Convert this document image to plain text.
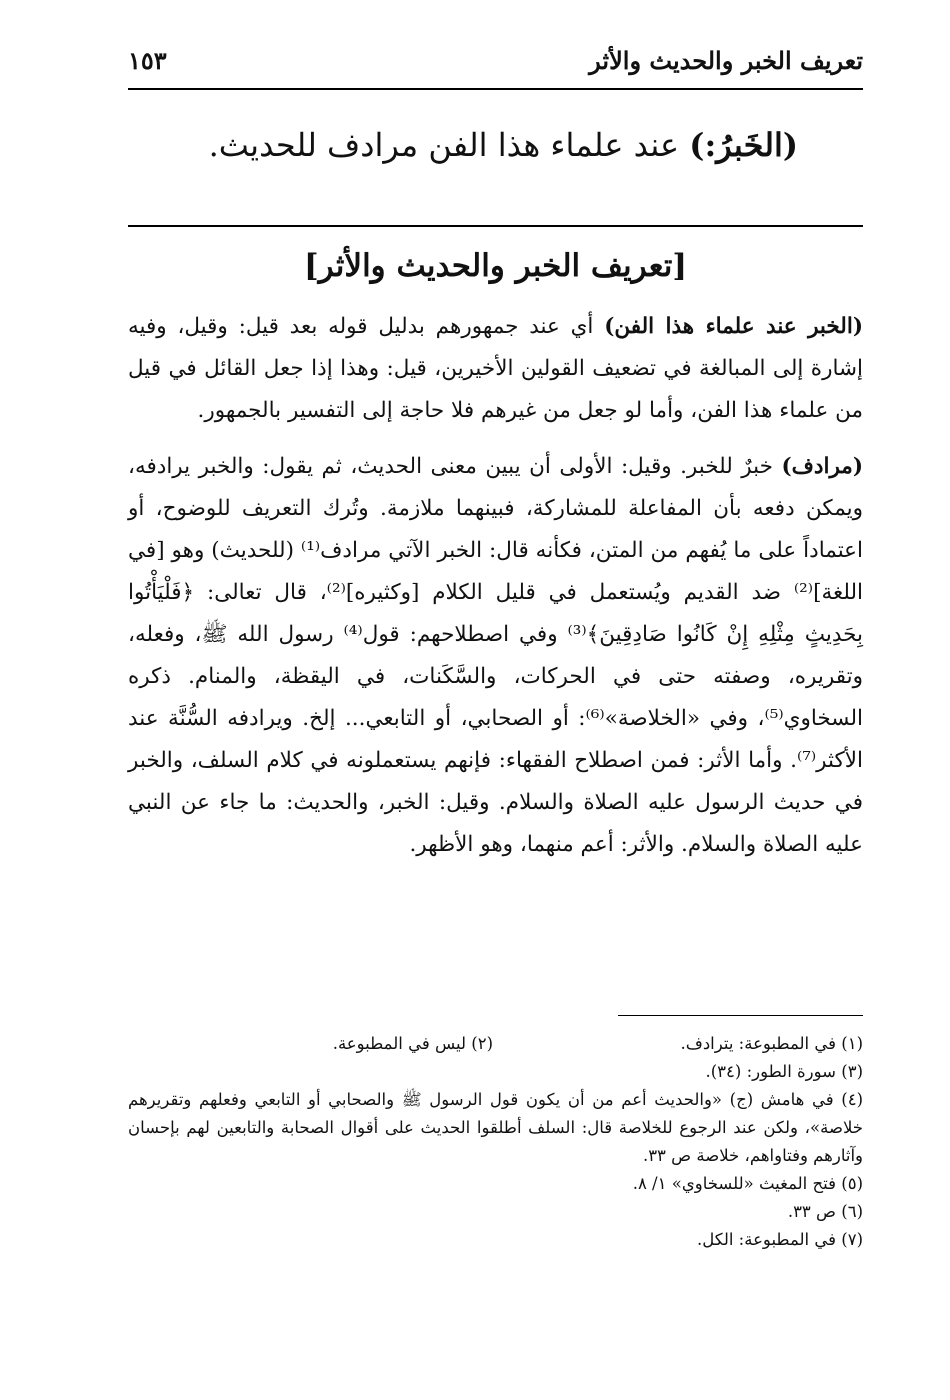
تعريف الخبر والحديث والأثر
١٥٣
(الخَبرُ:) عند علماء هذا الفن مرادف للحديث.
[تعريف الخبر والحديث والأثر]

(الخبر عند علماء هذا الفن) أي عند جمهورهم بدليل قوله بعد قيل: وقيل، وفيه إشارة إلى المبالغة في تضعيف القولين الأخيرين، قيل: وهذا إذا جعل القائل في قيل من علماء هذا الفن، وأما لو جعل من غيرهم فلا حاجة إلى التفسير بالجمهور.

(مرادف) خبرٌ للخبر. وقيل: الأولى أن يبين معنى الحديث، ثم يقول: والخبر يرادفه، ويمكن دفعه بأن المفاعلة للمشاركة، فبينهما ملازمة. وتُرك التعريف للوضوح، أو اعتماداً على ما يُفهم من المتن، فكأنه قال: الخبر الآتي مرادف⁽¹⁾ (للحديث) وهو [في اللغة]⁽²⁾ ضد القديم ويُستعمل في قليل الكلام [وكثيره]⁽²⁾، قال تعالى: ﴿فَلْيَأْتُوا بِحَدِيثٍ مِثْلِهِ إِنْ كَانُوا صَادِقِينَ﴾⁽³⁾ وفي اصطلاحهم: قول⁽⁴⁾ رسول الله ﷺ، وفعله، وتقريره، وصفته حتى في الحركات، والسَّكَنات، في اليقظة، والمنام. ذكره السخاوي⁽⁵⁾، وفي «الخلاصة»⁽⁶⁾: أو الصحابي، أو التابعي... إلخ. ويرادفه السُّنَّة عند الأكثر⁽⁷⁾. وأما الأثر: فمن اصطلاح الفقهاء: فإنهم يستعملونه في كلام السلف، والخبر في حديث الرسول عليه الصلاة والسلام. وقيل: الخبر، والحديث: ما جاء عن النبي عليه الصلاة والسلام. والأثر: أعم منهما، وهو الأظهر.

(١) في المطبوعة: يترادف.
(٢) ليس في المطبوعة.
(٣) سورة الطور: (٣٤).
(٤) في هامش (ج) «والحديث أعم من أن يكون قول الرسول ﷺ والصحابي أو التابعي وفعلهم وتقريرهم خلاصة»، ولكن عند الرجوع للخلاصة قال: السلف أطلقوا الحديث على أقوال الصحابة والتابعين لهم بإحسان وآثارهم وفتاواهم، خلاصة ص ٣٣.
(٥) فتح المغيث «للسخاوي» ١/ ٨.
(٦) ص ٣٣.
(٧) في المطبوعة: الكل.
